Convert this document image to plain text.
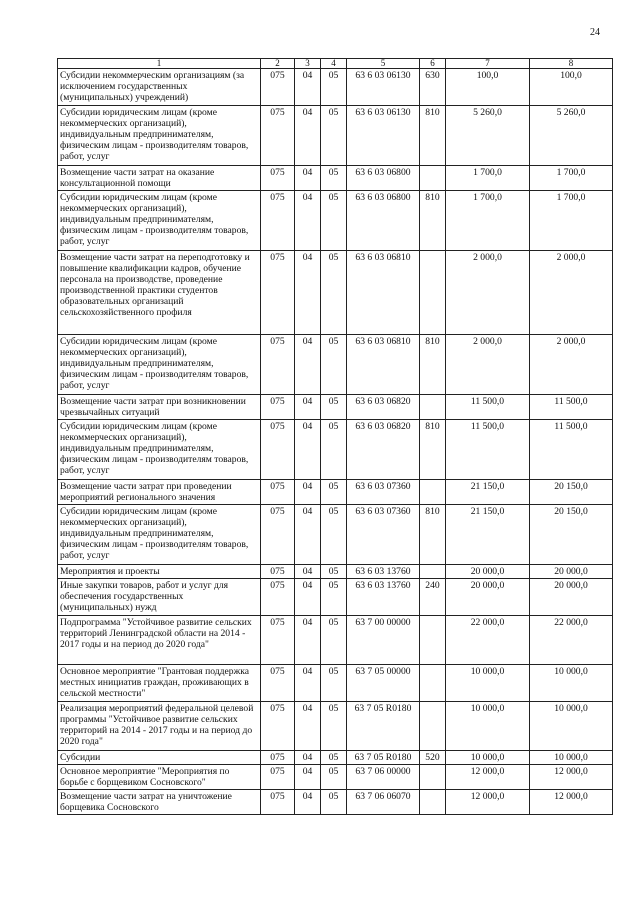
24
1	2	3	4	5	6	7	8
Субсидии некоммерческим организациям (за исключением государственных (муниципальных) учреждений)	075	04	05	63 6 03 06130	630	100,0	100,0
Субсидии юридическим лицам (кроме некоммерческих организаций), индивидуальным предпринимателям, физическим лицам - производителям товаров, работ, услуг	075	04	05	63 6 03 06130	810	5 260,0	5 260,0
Возмещение части затрат на оказание консультационной помощи	075	04	05	63 6 03 06800		1 700,0	1 700,0
Субсидии юридическим лицам (кроме некоммерческих организаций), индивидуальным предпринимателям, физическим лицам - производителям товаров, работ, услуг	075	04	05	63 6 03 06800	810	1 700,0	1 700,0
Возмещение части затрат на переподготовку и повышение квалификации кадров, обучение персонала на производстве, проведение производственной практики студентов образовательных организаций сельскохозяйственного профиля	075	04	05	63 6 03 06810		2 000,0	2 000,0
Субсидии юридическим лицам (кроме некоммерческих организаций), индивидуальным предпринимателям, физическим лицам - производителям товаров, работ, услуг	075	04	05	63 6 03 06810	810	2 000,0	2 000,0
Возмещение части затрат при возникновении чрезвычайных ситуаций	075	04	05	63 6 03 06820		11 500,0	11 500,0
Субсидии юридическим лицам (кроме некоммерческих организаций), индивидуальным предпринимателям, физическим лицам - производителям товаров, работ, услуг	075	04	05	63 6 03 06820	810	11 500,0	11 500,0
Возмещение части затрат при проведении мероприятий регионального значения	075	04	05	63 6 03 07360		21 150,0	20 150,0
Субсидии юридическим лицам (кроме некоммерческих организаций), индивидуальным предпринимателям, физическим лицам - производителям товаров, работ, услуг	075	04	05	63 6 03 07360	810	21 150,0	20 150,0
Мероприятия и проекты	075	04	05	63 6 03 13760		20 000,0	20 000,0
Иные закупки товаров, работ и услуг для обеспечения государственных (муниципальных) нужд	075	04	05	63 6 03 13760	240	20 000,0	20 000,0
Подпрограмма "Устойчивое развитие сельских территорий Ленинградской области на 2014 - 2017 годы и на период до 2020 года"	075	04	05	63 7 00 00000		22 000,0	22 000,0
Основное мероприятие "Грантовая поддержка местных инициатив граждан, проживающих в сельской местности"	075	04	05	63 7 05 00000		10 000,0	10 000,0
Реализация мероприятий федеральной целевой программы "Устойчивое развитие сельских территорий на 2014 - 2017 годы и на период до 2020 года"	075	04	05	63 7 05 R0180		10 000,0	10 000,0
Субсидии	075	04	05	63 7 05 R0180	520	10 000,0	10 000,0
Основное мероприятие "Мероприятия по борьбе с борщевиком Сосновского"	075	04	05	63 7 06 00000		12 000,0	12 000,0
Возмещение части затрат на уничтожение борщевика Сосновского	075	04	05	63 7 06 06070		12 000,0	12 000,0
